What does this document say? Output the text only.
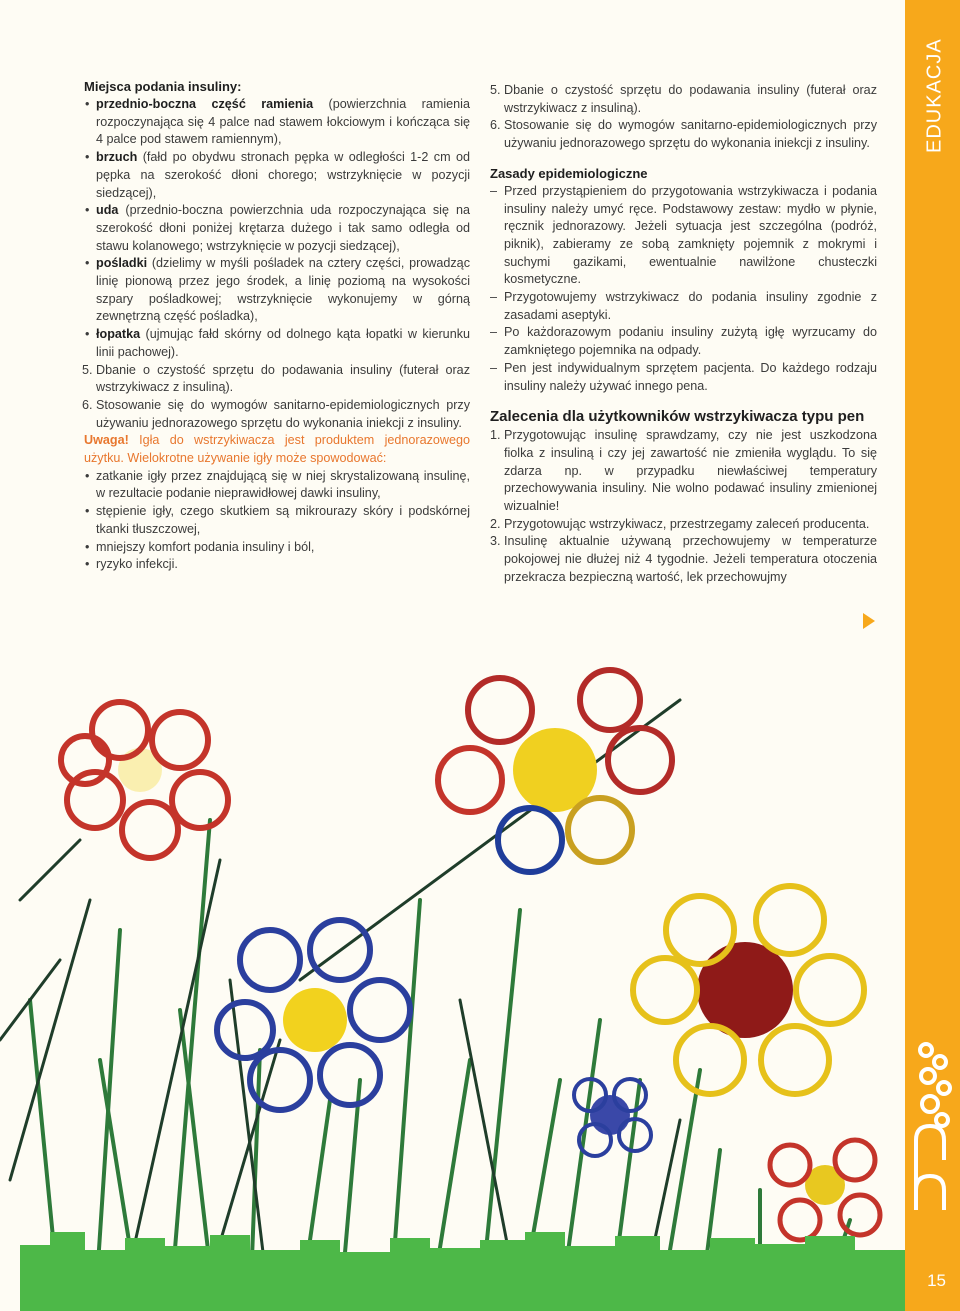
Miejsca podania insuliny:
• przednio-boczna część ramienia (powierzchnia ramienia rozpoczynająca się 4 palce nad stawem łokciowym i kończąca się 4 palce pod stawem ramiennym),
• brzuch (fałd po obydwu stronach pępka w odległości 1-2 cm od pępka na szerokość dłoni chorego; wstrzyknięcie w pozycji siedzącej),
• uda (przednio-boczna powierzchnia uda rozpoczynająca się na szerokość dłoni poniżej krętarza dużego i tak samo odległa od stawu kolanowego; wstrzyknięcie w pozycji siedzącej),
• pośladki (dzielimy w myśli pośladek na cztery części, prowadząc linię pionową przez jego środek, a linię poziomą na wysokości szpary pośladkowej; wstrzyknięcie wykonujemy w górną zewnętrzną część pośladka),
• łopatka (ujmując fałd skórny od dolnego kąta łopatki w kierunku linii pachowej).
5. Dbanie o czystość sprzętu do podawania insuliny (futerał oraz wstrzykiwacz z insuliną).
6. Stosowanie się do wymogów sanitarno-epidemiologicznych przy używaniu jednorazowego sprzętu do wykonania iniekcji z insuliny.

Uwaga! Igła do wstrzykiwacza jest produktem jednorazowego użytku. Wielokrotne używanie igły może spowodować:

• zatkanie igły przez znajdującą się w niej skrystalizowaną insulinę, w rezultacie podanie nieprawidłowej dawki insuliny,
• stępienie igły, czego skutkiem są mikrourazy skóry i podskórnej tkanki tłuszczowej,
• mniejszy komfort podania insuliny i ból,
• ryzyko infekcji.
5. Dbanie o czystość sprzętu do podawania insuliny (futerał oraz wstrzykiwacz z insuliną).
6. Stosowanie się do wymogów sanitarno-epidemiologicznych przy używaniu jednorazowego sprzętu do wykonania iniekcji z insuliny.
Zasady epidemiologiczne
– Przed przystąpieniem do przygotowania wstrzykiwacza i podania insuliny należy umyć ręce. Podstawowy zestaw: mydło w płynie, ręcznik jednorazowy. Jeżeli sytuacja jest szczególna (podróż, piknik), zabieramy ze sobą zamknięty pojemnik z mokrymi i suchymi gazikami, ewentualnie nawilżone chusteczki kosmetyczne.
– Przygotowujemy wstrzykiwacz do podania insuliny zgodnie z zasadami aseptyki.
– Po każdorazowym podaniu insuliny zużytą igłę wyrzucamy do zamkniętego pojemnika na odpady.
– Pen jest indywidualnym sprzętem pacjenta. Do każdego rodzaju insuliny należy używać innego pena.
Zalecenia dla użytkowników wstrzykiwacza typu pen
1. Przygotowując insulinę sprawdzamy, czy nie jest uszkodzona fiolka z insuliną i czy jej zawartość nie zmieniła wyglądu. To się zdarza np. w przypadku niewłaściwej temperatury przechowywania insuliny. Nie wolno podawać insuliny zmienionej wizualnie!
2. Przygotowując wstrzykiwacz, przestrzegamy zaleceń producenta.
3. Insulinę aktualnie używaną przechowujemy w temperaturze pokojowej nie dłużej niż 4 tygodnie. Jeżeli temperatura otoczenia przekracza bezpieczną wartość, lek przechowujmy
EDUKACJA
15
